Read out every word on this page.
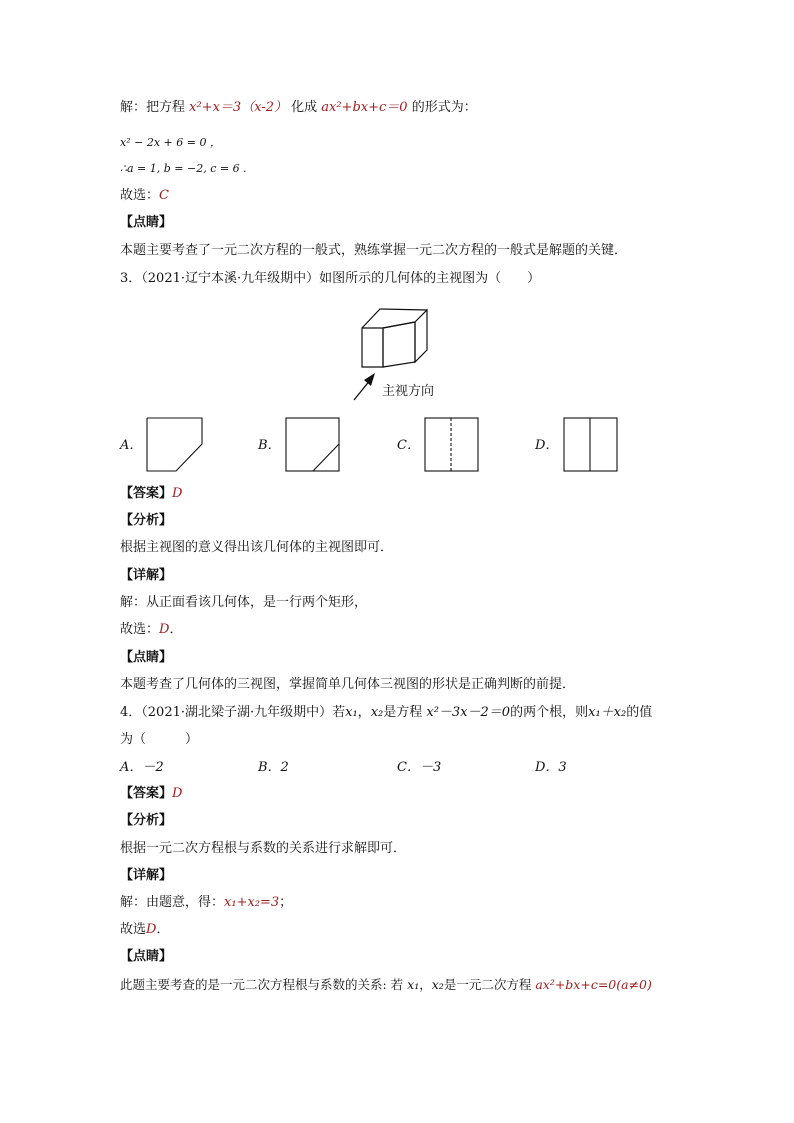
解：把方程 x²+x＝3（x-2） 化成 ax²+bx+c＝0 的形式为：
x² − 2x + 6 = 0 ，
∴a = 1, b = −2, c = 6 .
故选：C
【点睛】
本题主要考查了一元二次方程的一般式，熟练掌握一元二次方程的一般式是解题的关键．
3．（2021·辽宁本溪·九年级期中）如图所示的几何体的主视图为（　　）
主视方向
A．	B．	C．	D．
【答案】D
【分析】
根据主视图的意义得出该几何体的主视图即可．
【详解】
解：从正面看该几何体，是一行两个矩形，
故选：D．
【点睛】
本题考查了几何体的三视图，掌握简单几何体三视图的形状是正确判断的前提．
4．（2021·湖北梁子湖·九年级期中）若x₁，x₂是方程 x²－3x－2＝0的两个根，则x₁＋x₂的值
为（　　　）
A．－2	B．2	C．－3	D．3
【答案】D
【分析】
根据一元二次方程根与系数的关系进行求解即可．
【详解】
解：由题意，得：x₁+x₂=3；
故选D．
【点睛】
此题主要考查的是一元二次方程根与系数的关系: 若 x₁，x₂是一元二次方程 ax²+bx+c=0(a≠0)
